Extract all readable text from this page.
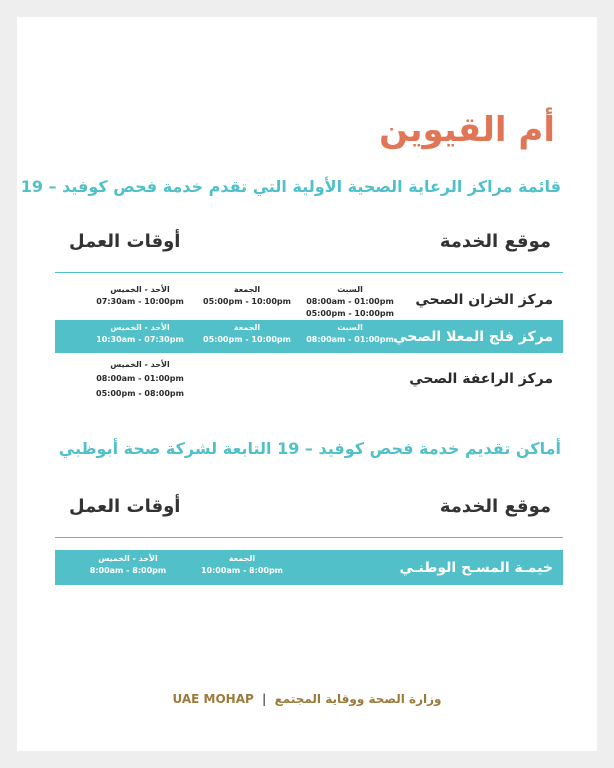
أم القيوين
قائمة مراكز الرعاية الصحية الأولية التي تقدم خدمة فحص كوفيد – 19
موقع الخدمة
أوقات العمل
مركز الخزان الصحي
السبت
08:00am - 01:00pm
05:00pm - 10:00pm
الجمعة
05:00pm - 10:00pm
الأحد - الخميس
07:30am - 10:00pm
مركز فلج المعلا الصحي
السبت
08:00am - 01:00pm
الجمعة
05:00pm - 10:00pm
الأحد - الخميس
10:30am - 07:30pm
مركز الراعفة الصحي
الأحد - الخميس
08:00am - 01:00pm
05:00pm - 08:00pm
أماكن تقديم خدمة فحص كوفيد – 19 التابعة لشركة صحة أبوظبي
موقع الخدمة
أوقات العمل
خيمـة المسـح الوطنـي
الجمعة
10:00am - 8:00pm
الأحد - الخميس
8:00am - 8:00pm
UAE MOHAP | وزارة الصحة ووقاية المجتمع
